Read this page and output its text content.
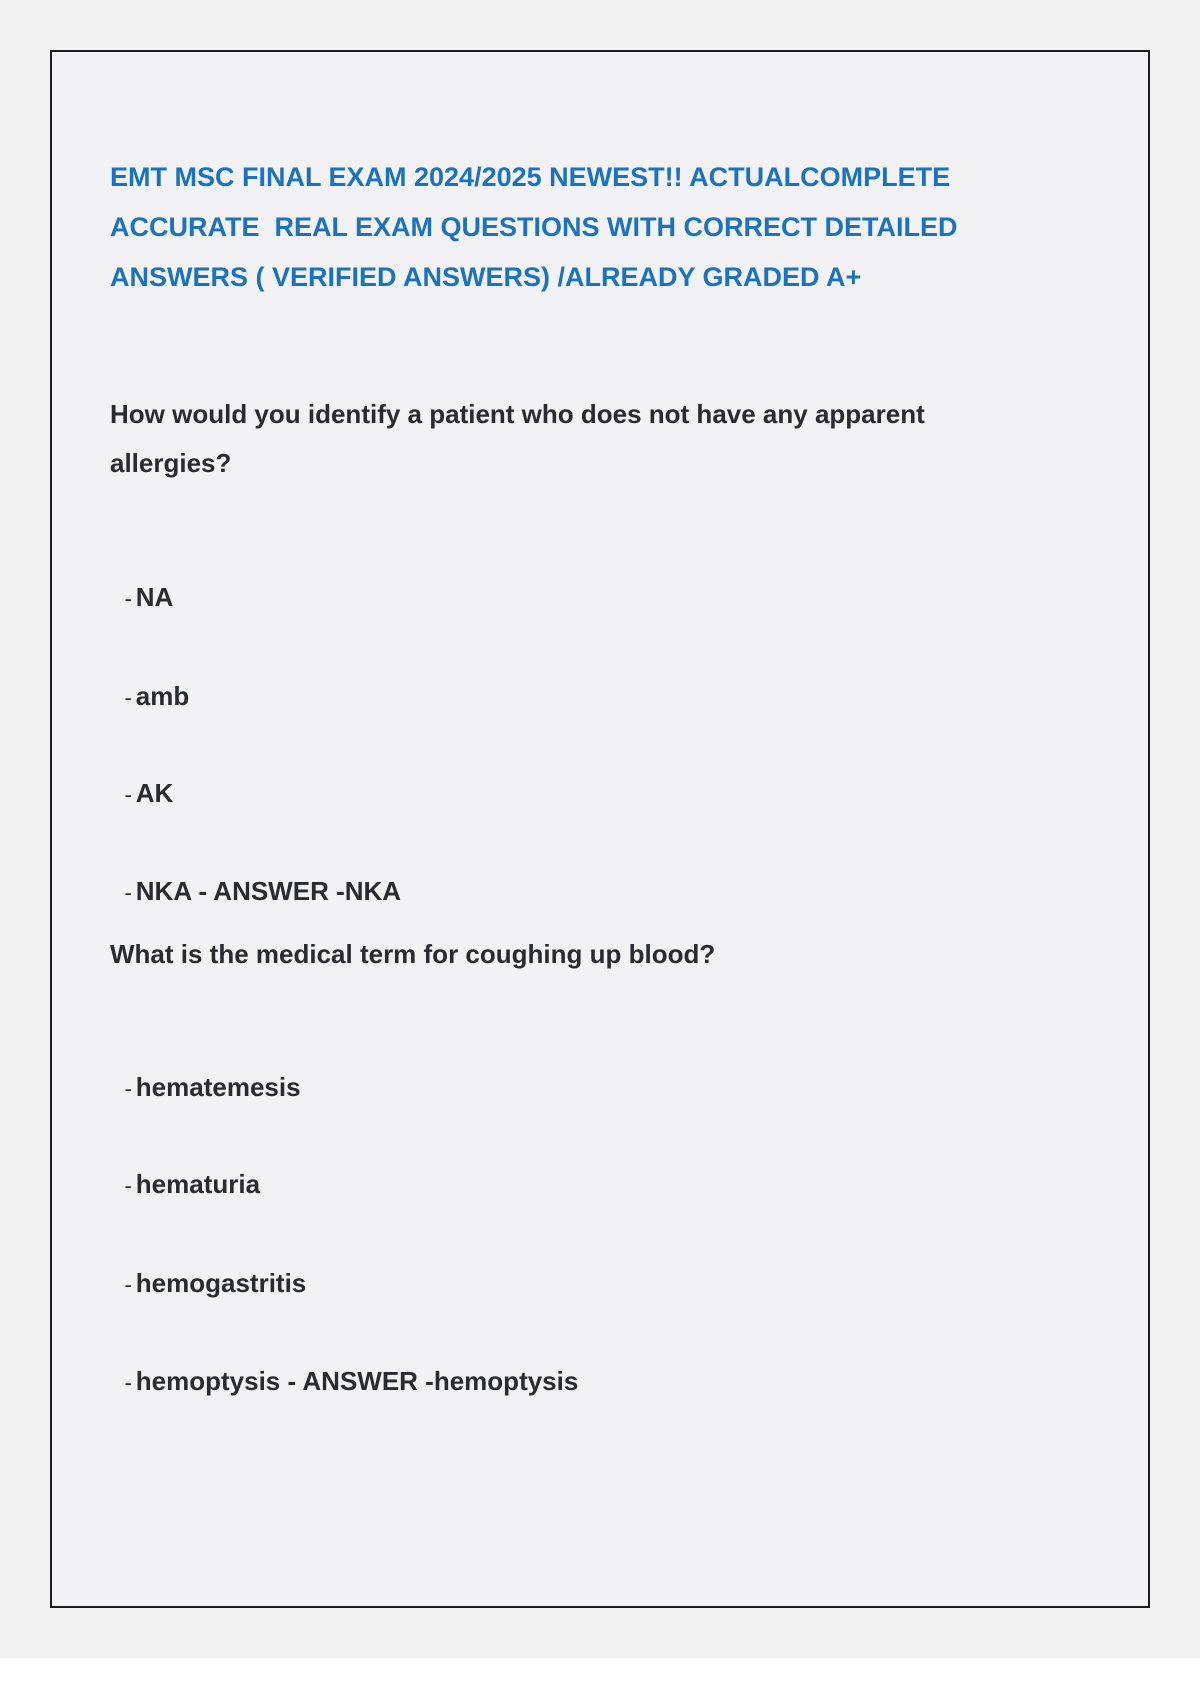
EMT MSC FINAL EXAM 2024/2025 NEWEST!! ACTUALCOMPLETE
ACCURATE  REAL EXAM QUESTIONS WITH CORRECT DETAILED
ANSWERS ( VERIFIED ANSWERS) /ALREADY GRADED A+

How would you identify a patient who does not have any apparent
allergies?

- NA

- amb

- AK

- NKA - ANSWER -NKA

What is the medical term for coughing up blood?

- hematemesis

- hematuria

- hemogastritis

- hemoptysis - ANSWER -hemoptysis
